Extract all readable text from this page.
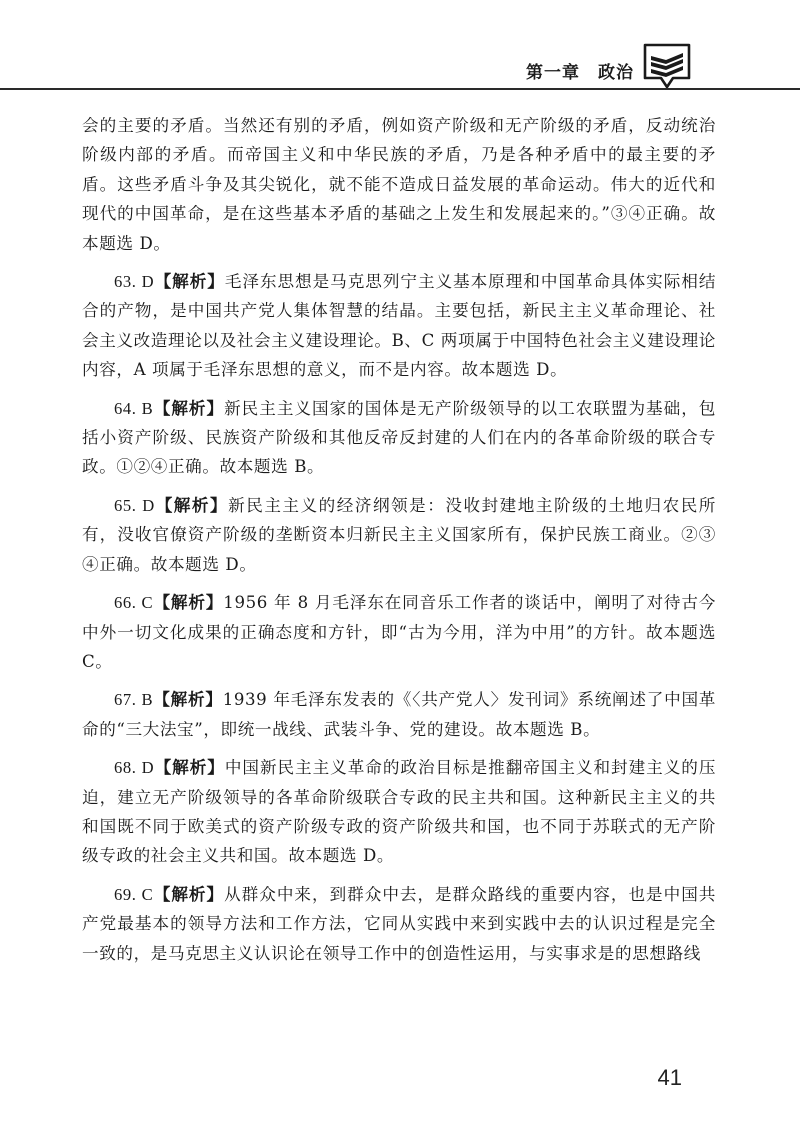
第一章　政治

会的主要的矛盾。当然还有别的矛盾，例如资产阶级和无产阶级的矛盾，反动统治阶级内部的矛盾。而帝国主义和中华民族的矛盾，乃是各种矛盾中的最主要的矛盾。这些矛盾斗争及其尖锐化，就不能不造成日益发展的革命运动。伟大的近代和现代的中国革命，是在这些基本矛盾的基础之上发生和发展起来的。”③④正确。故本题选 D。

63. D【解析】毛泽东思想是马克思列宁主义基本原理和中国革命具体实际相结合的产物，是中国共产党人集体智慧的结晶。主要包括，新民主主义革命理论、社会主义改造理论以及社会主义建设理论。B、C 两项属于中国特色社会主义建设理论内容，A 项属于毛泽东思想的意义，而不是内容。故本题选 D。

64. B【解析】新民主主义国家的国体是无产阶级领导的以工农联盟为基础，包括小资产阶级、民族资产阶级和其他反帝反封建的人们在内的各革命阶级的联合专政。①②④正确。故本题选 B。

65. D【解析】新民主主义的经济纲领是：没收封建地主阶级的土地归农民所有，没收官僚资产阶级的垄断资本归新民主主义国家所有，保护民族工商业。②③④正确。故本题选 D。

66. C【解析】1956 年 8 月毛泽东在同音乐工作者的谈话中，阐明了对待古今中外一切文化成果的正确态度和方针，即“古为今用，洋为中用”的方针。故本题选 C。

67. B【解析】1939 年毛泽东发表的《〈共产党人〉发刊词》系统阐述了中国革命的“三大法宝”，即统一战线、武装斗争、党的建设。故本题选 B。

68. D【解析】中国新民主主义革命的政治目标是推翻帝国主义和封建主义的压迫，建立无产阶级领导的各革命阶级联合专政的民主共和国。这种新民主主义的共和国既不同于欧美式的资产阶级专政的资产阶级共和国，也不同于苏联式的无产阶级专政的社会主义共和国。故本题选 D。

69. C【解析】从群众中来，到群众中去，是群众路线的重要内容，也是中国共产党最基本的领导方法和工作方法，它同从实践中来到实践中去的认识过程是完全一致的，是马克思主义认识论在领导工作中的创造性运用，与实事求是的思想路线

41
